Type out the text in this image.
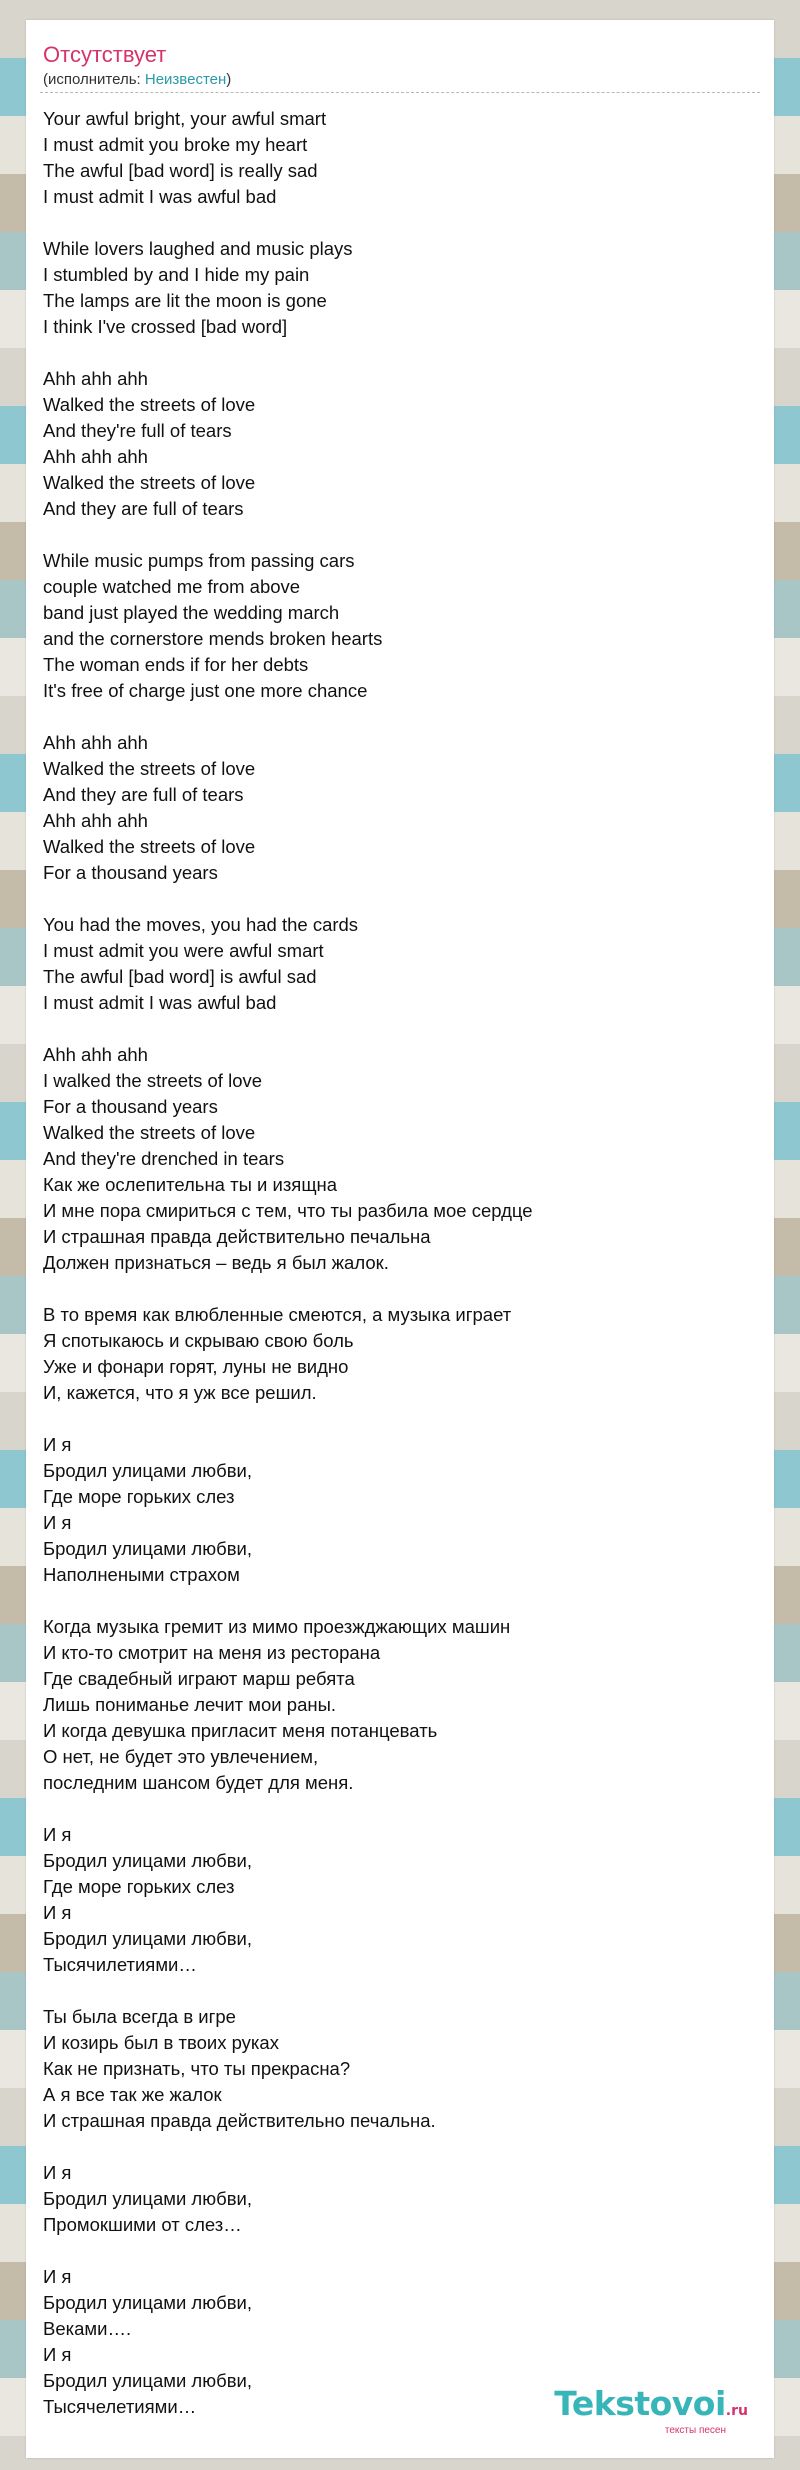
Отсутствует
(исполнитель: Неизвестен)
Your awful bright, your awful smart
I must admit you broke my heart
The awful [bad word] is really sad
I must admit I was awful bad
While lovers laughed and music plays
I stumbled by and I hide my pain
The lamps are lit the moon is gone
I think I've crossed [bad word]
Ahh ahh ahh
Walked the streets of love
And they're full of tears
Ahh ahh ahh
Walked the streets of love
And they are full of tears
While music pumps from passing cars
couple watched me from above
band just played the wedding march
and the cornerstore mends broken hearts
The woman ends if for her debts
It's free of charge just one more chance
Ahh ahh ahh
Walked the streets of love
And they are full of tears
Ahh ahh ahh
Walked the streets of love
For a thousand years
You had the moves, you had the cards
I must admit you were awful smart
The awful [bad word] is awful sad
I must admit I was awful bad
Ahh ahh ahh
I walked the streets of love
For a thousand years
Walked the streets of love
And they're drenched in tears
Как же ослепительна ты и изящна
И мне пора смириться с тем, что ты разбила мое сердце
И страшная правда действительно печальна
Должен признаться – ведь я был жалок.
В то время как влюбленные смеются, а музыка играет
Я спотыкаюсь и скрываю свою боль
Уже и фонари горят, луны не видно
И, кажется, что я уж все решил.
И я
Бродил улицами любви,
Где море горьких слез
И я
Бродил улицами любви,
Наполнеными страхом
Когда музыка гремит из мимо проезжджающих машин
И кто-то смотрит на меня из ресторана
Где свадебный играют марш ребята
Лишь пониманье лечит мои раны.
И когда девушка пригласит меня потанцевать
О нет, не будет это увлечением,
последним шансом будет для меня.
И я
Бродил улицами любви,
Где море горьких слез
И я
Бродил улицами любви,
Тысячилетиями…
Ты была всегда в игре
И козирь был в твоих руках
Как не признать, что ты прекрасна?
А я все так же жалок
И страшная правда действительно печальна.
И я
Бродил улицами любви,
Промокшими от слез…
И я
Бродил улицами любви,
Веками….
И я
Бродил улицами любви,
Тысячелетиями…	Tekstovoi.ru
тексты песен
